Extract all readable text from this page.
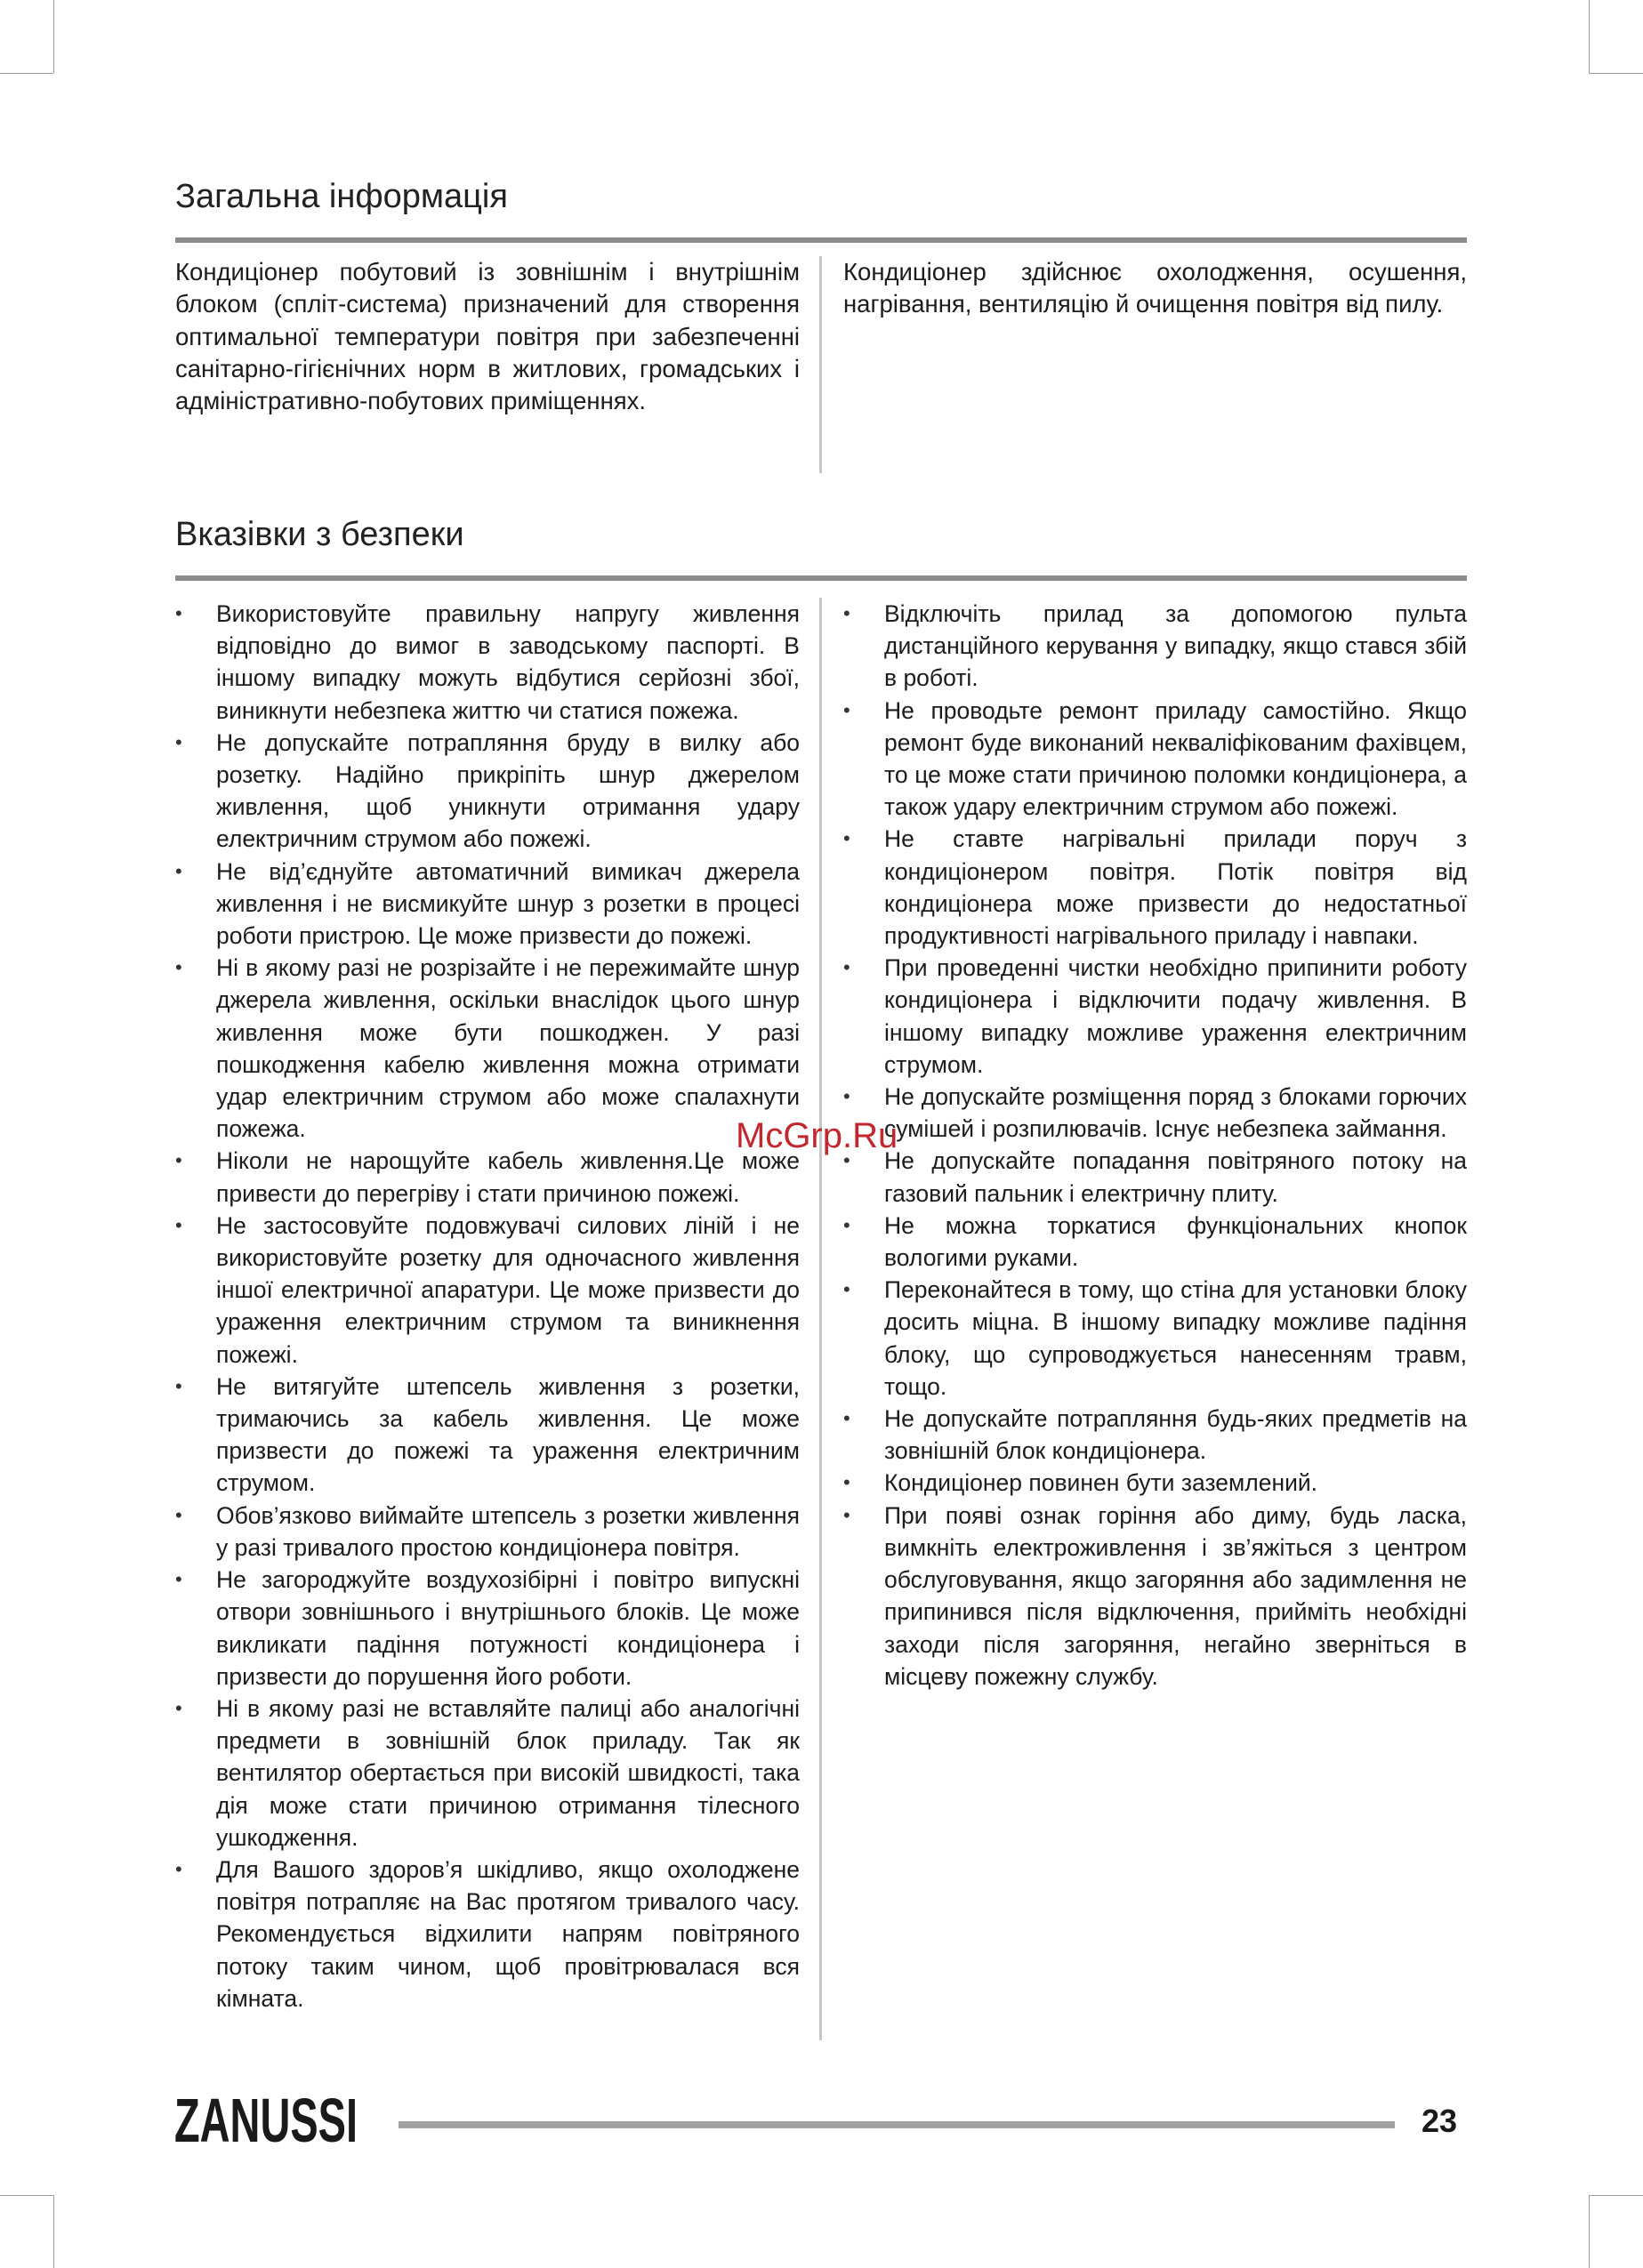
Загальна інформація

Кондиціонер побутовий із зовнішнім і внутрішнім блоком (спліт-система) призначений для створення оптимальної температури повітря при забезпеченні санітарно-гігієнічних норм в житлових, громадських і адміністративно-побутових приміщеннях.

Кондиціонер здійснює охолодження, осушення, нагрівання, вентиляцію й очищення повітря від пилу.

Вказівки з безпеки
• Використовуйте правильну напругу живлення відповідно до вимог в заводському паспорті. В іншому випадку можуть відбутися серйозні збої, виникнути небезпека життю чи статися пожежа.
• Не допускайте потрапляння бруду в вилку або розетку. Надійно прикріпіть шнур джерелом живлення, щоб уникнути отримання удару електричним струмом або пожежі.
• Не від’єднуйте автоматичний вимикач джерела живлення і не висмикуйте шнур з розетки в процесі роботи пристрою. Це може призвести до пожежі.
• Ні в якому разі не розрізайте і не пережимайте шнур джерела живлення, оскільки внаслідок цього шнур живлення може бути пошкоджен. У разі пошкодження кабелю живлення можна отримати удар електричним струмом або може спалахнути пожежа.
• Ніколи не нарощуйте кабель живлення.Це може привести до перегріву і стати причиною пожежі.
• Не застосовуйте подовжувачі силових ліній і не використовуйте розетку для одночасного живлення іншої електричної апаратури. Це може призвести до ураження електричним струмом та виникнення пожежі.
• Не витягуйте штепсель живлення з розетки, тримаючись за кабель живлення. Це може призвести до пожежі та ураження електричним струмом.
• Обов’язково виймайте штепсель з розетки живлення у разі тривалого простою кондиціонера повітря.
• Не загороджуйте воздухозібірні і повітро випускні отвори зовнішнього і внутрішнього блоків. Це може викликати падіння потужності кондиціонера і призвести до порушення його роботи.
• Ні в якому разі не вставляйте палиці або аналогічні предмети в зовнішній блок приладу. Так як вентилятор обертається при високій швидкості, така дія може стати причиною отримання тілесного ушкодження.
• Для Вашого здоров’я шкідливо, якщо охолоджене повітря потрапляє на Вас протягом тривалого часу. Рекомендується відхилити напрям повітряного потоку таким чином, щоб провітрювалася вся кімната.
• Відключіть прилад за допомогою пульта дистанційного керування у випадку, якщо стався збій в роботі.
• Не проводьте ремонт приладу самостійно. Якщо ремонт буде виконаний некваліфікованим фахівцем, то це може стати причиною поломки кондиціонера, а також удару електричним струмом або пожежі.
• Не ставте нагрівальні прилади поруч з кондиціонером повітря. Потік повітря від кондиціонера може призвести до недостатньої продуктивності нагрівального приладу і навпаки.
• При проведенні чистки необхідно припинити роботу кондиціонера і відключити подачу живлення. В іншому випадку можливе ураження електричним струмом.
• Не допускайте розміщення поряд з блоками горючих сумішей і розпилювачів. Існує небезпека займання.
• Не допускайте попадання повітряного потоку на газовий пальник і електричну плиту.
• Не можна торкатися функціональних кнопок вологими руками.
• Переконайтеся в тому, що стіна для установки блоку досить міцна. В іншому випадку можливе падіння блоку, що супроводжується нанесенням травм, тощо.
• Не допускайте потрапляння будь-яких предметів на зовнішній блок кондиціонера.
• Кондиціонер повинен бути заземлений.
• При появі ознак горіння або диму, будь ласка, вимкніть електроживлення і зв’яжіться з центром обслуговування, якщо загоряння або задимлення не припинився після відключення, прийміть необхідні заходи після загоряння, негайно зверніться в місцеву пожежну службу.
McGrp.Ru
ZANUSSI	23
